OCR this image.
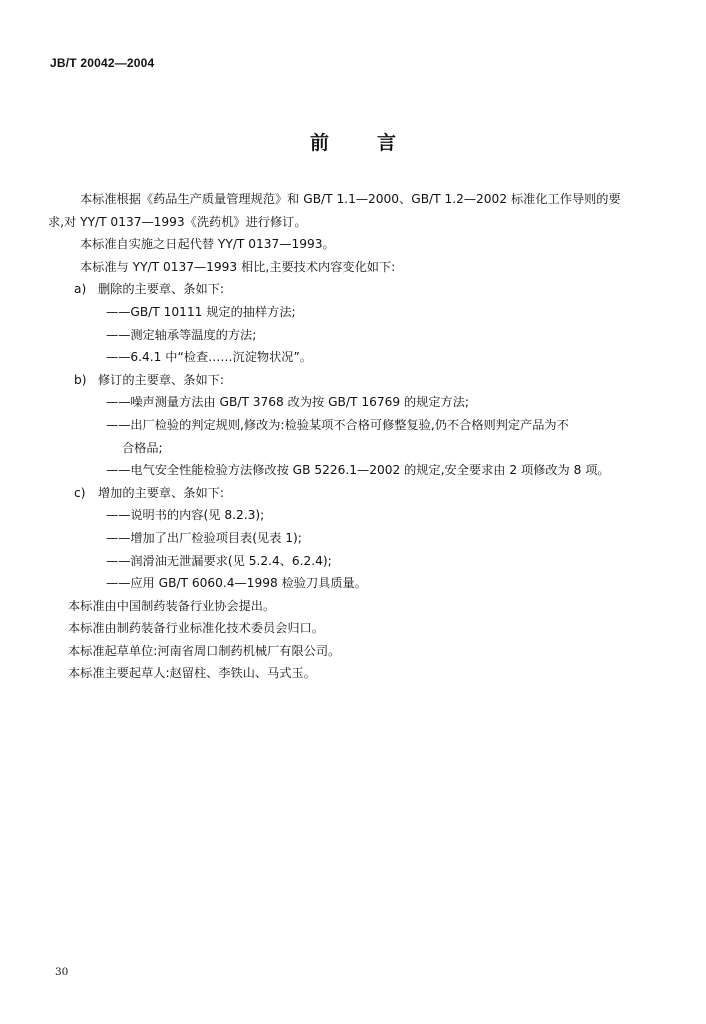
JB/T 20042—2004
前	言
本标准根据《药品生产质量管理规范》和 GB/T 1.1—2000、GB/T 1.2—2002 标准化工作导则的要
求,对 YY/T 0137—1993《洗药机》进行修订。
本标准自实施之日起代替 YY/T 0137—1993。
本标准与 YY/T 0137—1993 相比,主要技术内容变化如下:
a) 删除的主要章、条如下:
——GB/T 10111 规定的抽样方法;
——测定轴承等温度的方法;
——6.4.1 中“检查……沉淀物状况”。
b) 修订的主要章、条如下:
——噪声测量方法由 GB/T 3768 改为按 GB/T 16769 的规定方法;
——出厂检验的判定规则,修改为:检验某项不合格可修整复验,仍不合格则判定产品为不
合格品;
——电气安全性能检验方法修改按 GB 5226.1—2002 的规定,安全要求由 2 项修改为 8 项。
c) 增加的主要章、条如下:
——说明书的内容(见 8.2.3);
——增加了出厂检验项目表(见表 1);
——润滑油无泄漏要求(见 5.2.4、6.2.4);
——应用 GB/T 6060.4—1998 检验刀具质量。
本标准由中国制药装备行业协会提出。
本标准由制药装备行业标准化技术委员会归口。
本标准起草单位:河南省周口制药机械厂有限公司。
本标准主要起草人:赵留柱、李铁山、马式玉。
30
